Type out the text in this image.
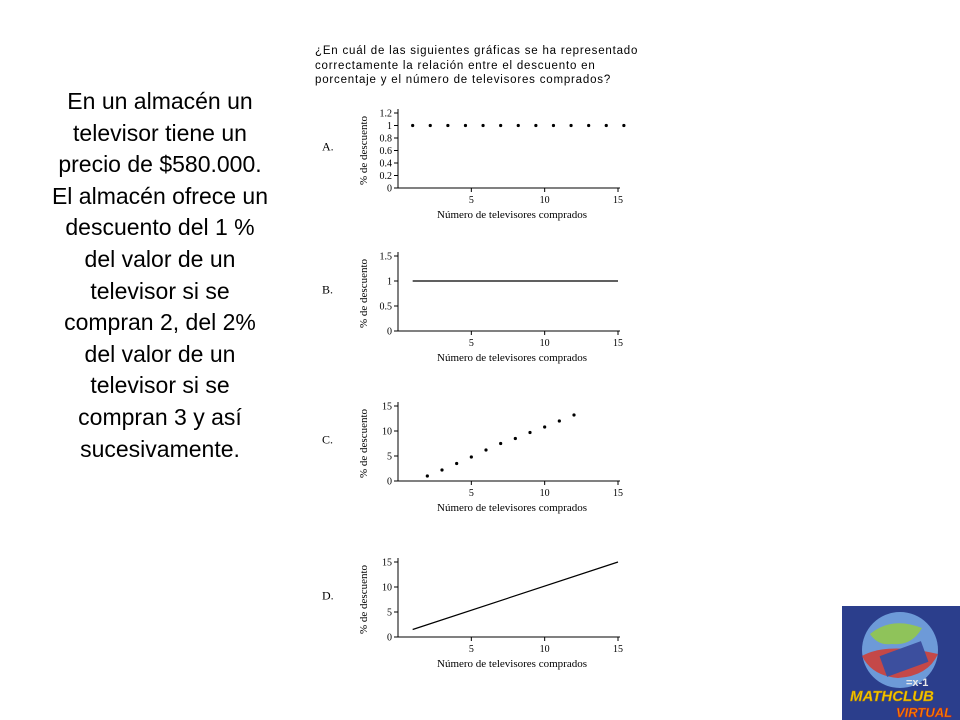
En un almacén un televisor tiene un precio de $580.000. El almacén ofrece un descuento del 1 % del valor de un televisor si se compran 2, del 2% del valor de un televisor si se compran 3 y así sucesivamente.
¿En cuál de las siguientes gráficas se ha representado correctamente la relación entre el descuento en porcentaje y el número de televisores comprados?
A.
0
0.2
0.4
0.6
0.8
1
1.2
5	10	15
Número de televisores comprados
% de descuento
B.
0
0.5
1
1.5
5	10	15
Número de televisores comprados
% de descuento
C.
0
5
10
15
5	10	15
Número de televisores comprados
% de descuento
D.
0
5
10
15
5	10	15
Número de televisores comprados
% de descuento
=x-1
MATHCLUB
VIRTUAL
